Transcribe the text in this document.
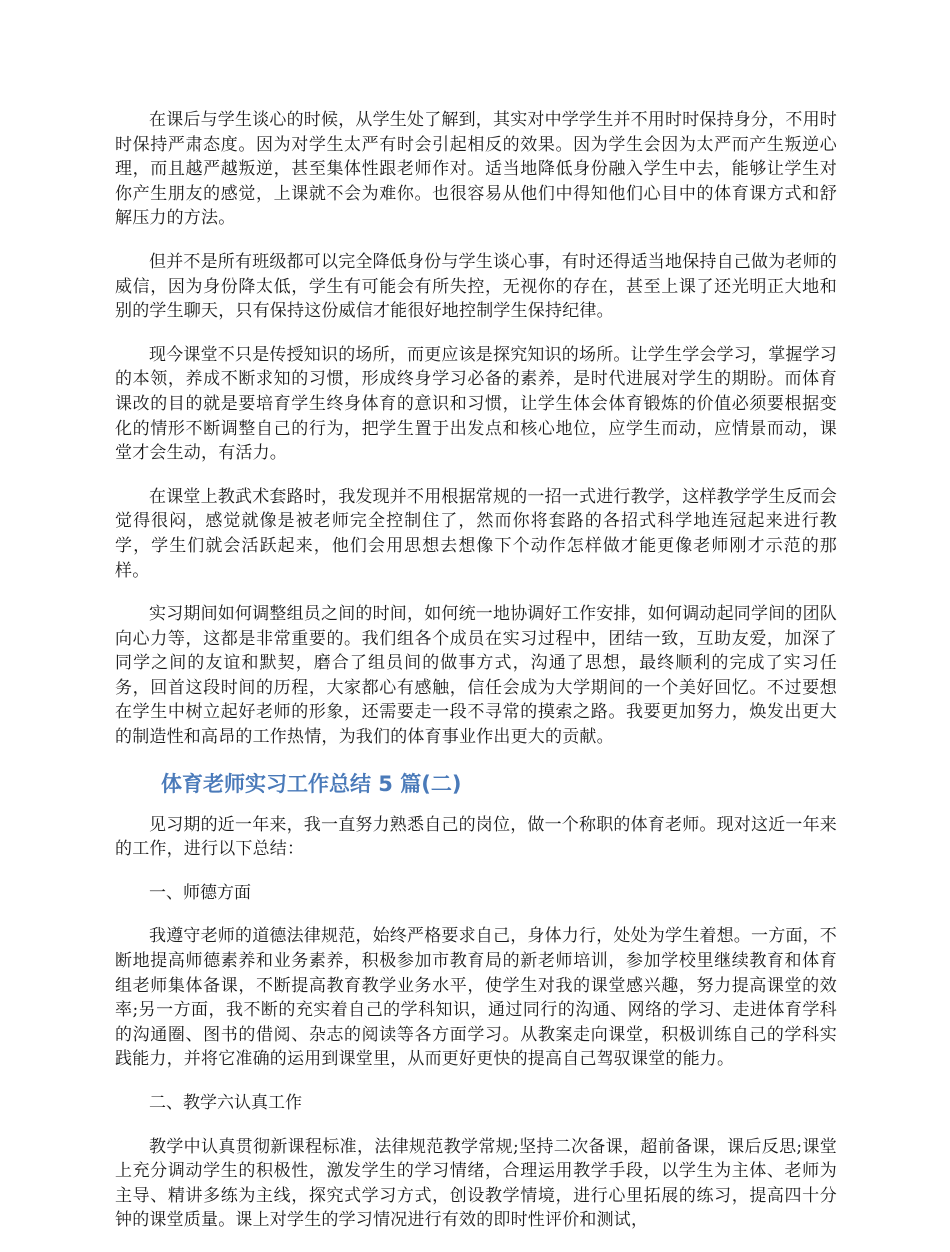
在课后与学生谈心的时候，从学生处了解到，其实对中学学生并不用时时保持身分，不用时时保持严肃态度。因为对学生太严有时会引起相反的效果。因为学生会因为太严而产生叛逆心理，而且越严越叛逆，甚至集体性跟老师作对。适当地降低身份融入学生中去，能够让学生对你产生朋友的感觉，上课就不会为难你。也很容易从他们中得知他们心目中的体育课方式和舒解压力的方法。

但并不是所有班级都可以完全降低身份与学生谈心事，有时还得适当地保持自己做为老师的威信，因为身份降太低，学生有可能会有所失控，无视你的存在，甚至上课了还光明正大地和别的学生聊天，只有保持这份威信才能很好地控制学生保持纪律。

现今课堂不只是传授知识的场所，而更应该是探究知识的场所。让学生学会学习，掌握学习的本领，养成不断求知的习惯，形成终身学习必备的素养，是时代进展对学生的期盼。而体育课改的目的就是要培育学生终身体育的意识和习惯，让学生体会体育锻炼的价值必须要根据变化的情形不断调整自己的行为，把学生置于出发点和核心地位，应学生而动，应情景而动，课堂才会生动，有活力。

在课堂上教武术套路时，我发现并不用根据常规的一招一式进行教学，这样教学学生反而会觉得很闷，感觉就像是被老师完全控制住了，然而你将套路的各招式科学地连冠起来进行教学，学生们就会活跃起来，他们会用思想去想像下个动作怎样做才能更像老师刚才示范的那样。

实习期间如何调整组员之间的时间，如何统一地协调好工作安排，如何调动起同学间的团队向心力等，这都是非常重要的。我们组各个成员在实习过程中，团结一致，互助友爱，加深了同学之间的友谊和默契，磨合了组员间的做事方式，沟通了思想，最终顺利的完成了实习任务，回首这段时间的历程，大家都心有感触，信任会成为大学期间的一个美好回忆。不过要想在学生中树立起好老师的形象，还需要走一段不寻常的摸索之路。我要更加努力，焕发出更大的制造性和高昂的工作热情，为我们的体育事业作出更大的贡献。

体育老师实习工作总结 5 篇(二)

见习期的近一年来，我一直努力熟悉自己的岗位，做一个称职的体育老师。现对这近一年来的工作，进行以下总结：

一、师德方面

我遵守老师的道德法律规范，始终严格要求自己，身体力行，处处为学生着想。一方面，不断地提高师德素养和业务素养，积极参加市教育局的新老师培训，参加学校里继续教育和体育组老师集体备课，不断提高教育教学业务水平，使学生对我的课堂感兴趣，努力提高课堂的效率;另一方面，我不断的充实着自己的学科知识，通过同行的沟通、网络的学习、走进体育学科的沟通圈、图书的借阅、杂志的阅读等各方面学习。从教案走向课堂，积极训练自己的学科实践能力，并将它准确的运用到课堂里，从而更好更快的提高自己驾驭课堂的能力。

二、教学六认真工作

教学中认真贯彻新课程标准，法律规范教学常规;坚持二次备课，超前备课，课后反思;课堂上充分调动学生的积极性，激发学生的学习情绪，合理运用教学手段，以学生为主体、老师为主导、精讲多练为主线，探究式学习方式，创设教学情境，进行心里拓展的练习，提高四十分钟的课堂质量。课上对学生的学习情况进行有效的即时性评价和测试，
